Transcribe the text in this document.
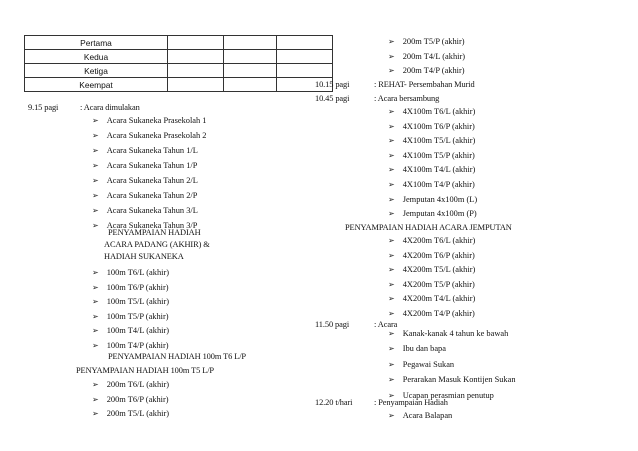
Pertama			
Kedua			
Ketiga			
Keempat			
9.15 pagi	: Acara dimulakan
➢ Acara Sukaneka Prasekolah 1
➢ Acara Sukaneka Prasekolah 2
➢ Acara Sukaneka Tahun 1/L
➢ Acara Sukaneka Tahun 1/P
➢ Acara Sukaneka Tahun 2/L
➢ Acara Sukaneka Tahun 2/P
➢ Acara Sukaneka Tahun 3/L
➢ Acara Sukaneka Tahun 3/P
PENYAMPAIAN HADIAH
ACARA PADANG (AKHIR) &
HADIAH SUKANEKA
➢ 100m T6/L (akhir)
➢ 100m T6/P (akhir)
➢ 100m T5/L (akhir)
➢ 100m T5/P (akhir)
➢ 100m T4/L (akhir)
➢ 100m T4/P (akhir)
PENYAMPAIAN HADIAH 100m T6 L/P
PENYAMPAIAN HADIAH 100m T5 L/P
➢ 200m T6/L (akhir)
➢ 200m T6/P (akhir)
➢ 200m T5/L (akhir)
➢ 200m T5/P (akhir)
➢ 200m T4/L (akhir)
➢ 200m T4/P (akhir)
10.15 pagi	: REHAT- Persembahan Murid
10.45 pagi	: Acara bersambung
➢ 4X100m T6/L (akhir)
➢ 4X100m T6/P (akhir)
➢ 4X100m T5/L (akhir)
➢ 4X100m T5/P (akhir)
➢ 4X100m T4/L (akhir)
➢ 4X100m T4/P (akhir)
➢ Jemputan 4x100m (L)
➢ Jemputan 4x100m (P)
PENYAMPAIAN HADIAH ACARA JEMPUTAN
➢ 4X200m T6/L (akhir)
➢ 4X200m T6/P (akhir)
➢ 4X200m T5/L (akhir)
➢ 4X200m T5/P (akhir)
➢ 4X200m T4/L (akhir)
➢ 4X200m T4/P (akhir)
11.50 pagi	: Acara
➢ Kanak-kanak 4 tahun ke bawah
➢ Ibu dan bapa
➢ Pegawai Sukan
➢ Perarakan Masuk Kontijen Sukan
➢ Ucapan perasmian penutup
12.20 t/hari	: Penyampaian Hadiah
➢ Acara Balapan
